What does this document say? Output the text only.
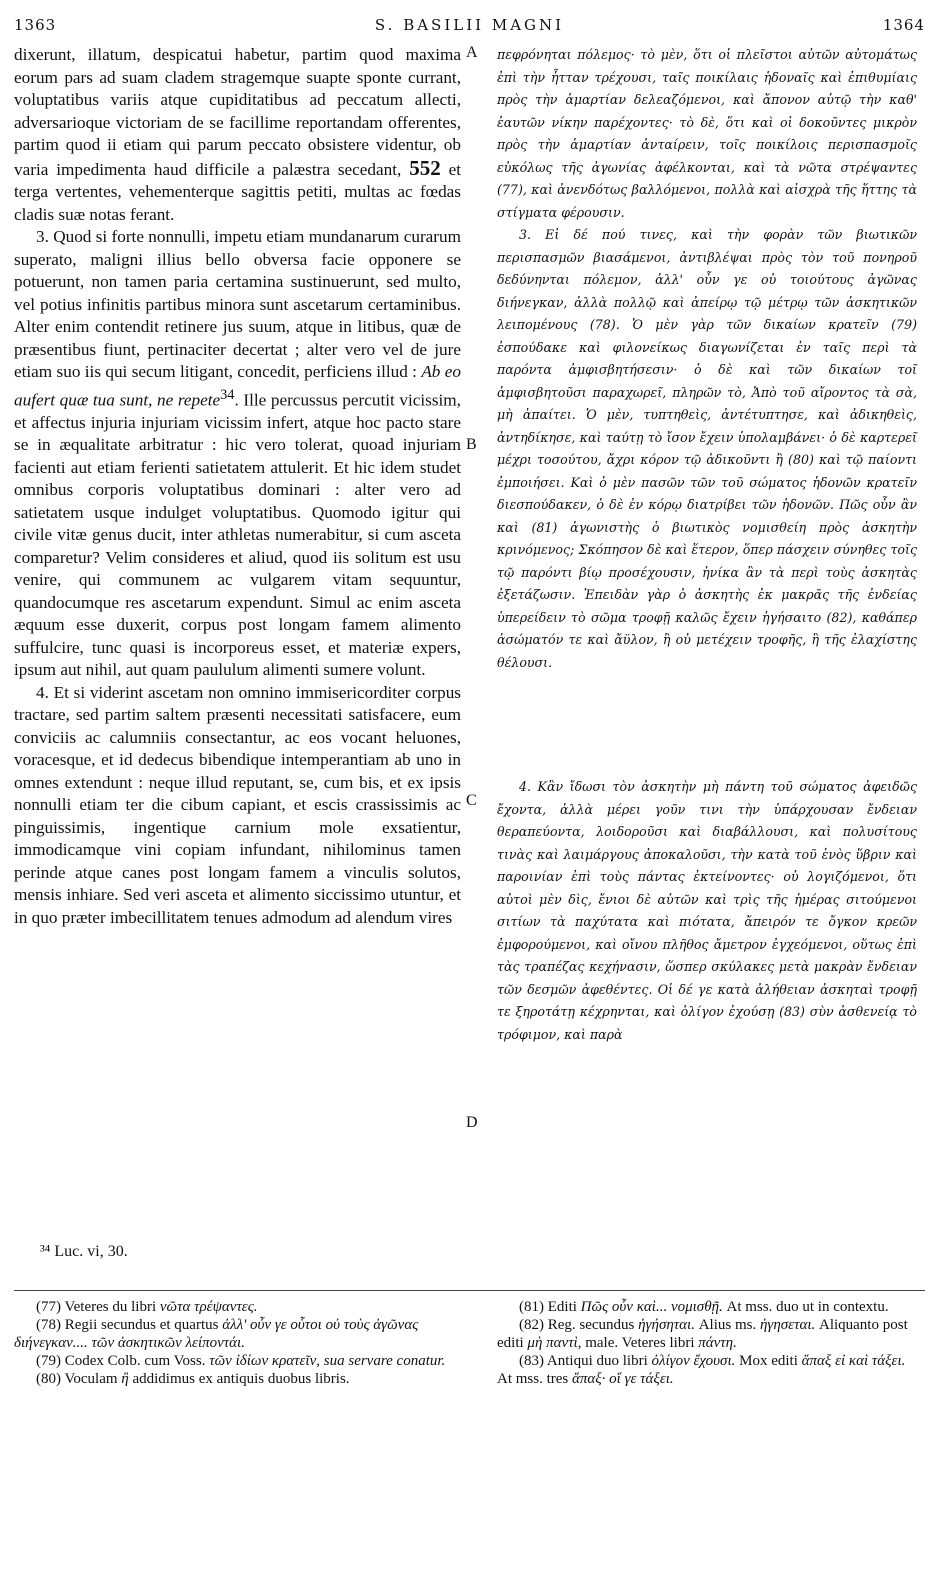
1363	S. BASILII MAGNI	1364

dixerunt, illatum, despicatui habetur, partim quod maxima eorum pars ad suam cladem stragemque suapte sponte currant, voluptatibus variis atque cupiditatibus ad peccatum allecti, adversarioque victoriam de se facillime reportandam offerentes, partim quod ii etiam qui parum peccato obsistere videntur, ob varia impedimenta haud difficile a palæstra secedant, 552 et terga vertentes, vehementerque sagittis petiti, multas ac fœdas cladis suæ notas ferant.

3. Quod si forte nonnulli, impetu etiam mundanarum curarum superato, maligni illius bello obversa facie opponere se potuerunt, non tamen paria certamina sustinuerunt, sed multo, vel potius infinitis partibus minora sunt ascetarum certaminibus. Alter enim contendit retinere jus suum, atque in litibus, quæ de præsentibus fiunt, pertinaciter decertat ; alter vero vel de jure etiam suo iis qui secum litigant, concedit, perficiens illud : Ab eo aufert quæ tua sunt, ne repete$^{34}$. Ille percussus percutit vicissim, et affectus injuria injuriam vicissim infert, atque hoc pacto stare se in æqualitate arbitratur : hic vero tolerat, quoad injuriam facienti aut etiam ferienti satietatem attulerit. Et hic idem studet omnibus corporis voluptatibus dominari : alter vero ad satietatem usque indulget voluptatibus. Quomodo igitur qui civile vitæ genus ducit, inter athletas numerabitur, si cum asceta comparetur? Velim consideres et aliud, quod iis solitum est usu venire, qui communem ac vulgarem vitam sequuntur, quandocumque res ascetarum expendunt. Simul ac enim asceta æquum esse duxerit, corpus post longam famem alimento suffulcire, tunc quasi is incorporeus esset, et materiæ expers, ipsum aut nihil, aut quam paululum alimenti sumere volunt.

4. Et si viderint ascetam non omnino immisericorditer corpus tractare, sed partim saltem præsenti necessitati satisfacere, eum conviciis ac calumniis consectantur, ac eos vocant heluones, voracesque, et id dedecus bibendique intemperantiam ab uno in omnes extendunt : neque illud reputant, se, cum bis, et ex ipsis nonnulli etiam ter die cibum capiant, et escis crassissimis ac pinguissimis, ingentique carnium mole exsatientur, immodicamque vini copiam infundant, nihilominus tamen perinde atque canes post longam famem a vinculis solutos, mensis inhiare. Sed veri asceta et alimento siccissimo utuntur, et in quo præter imbecillitatem tenues admodum ad alendum vires

A
B
C
D

πεφρόνηται πόλεμος· τὸ μὲν, ὅτι οἱ πλεῖστοι αὐτῶν αὐτομάτως ἐπὶ τὴν ἧτταν τρέχουσι, ταῖς ποικίλαις ἡδοναῖς καὶ ἐπιθυμίαις πρὸς τὴν ἁμαρτίαν δελεαζόμενοι, καὶ ἄπονον αὐτῷ τὴν καθ' ἑαυτῶν νίκην παρέχοντες· τὸ δὲ, ὅτι καὶ οἱ δοκοῦντες μικρὸν πρὸς τὴν ἁμαρτίαν ἀνταίρειν, τοῖς ποικίλοις περισπασμοῖς εὐκόλως τῆς ἀγωνίας ἀφέλκονται, καὶ τὰ νῶτα στρέψαντες (77), καὶ ἀνενδότως βαλλόμενοι, πολλὰ καὶ αἰσχρὰ τῆς ἥττης τὰ στίγματα φέρουσιν.

3. Εἰ δέ πού τινες, καὶ τὴν φορὰν τῶν βιωτικῶν περισπασμῶν βιασάμενοι, ἀντιβλέψαι πρὸς τὸν τοῦ πονηροῦ δεδύνηνται πόλεμον, ἀλλ' οὖν γε οὐ τοιούτους ἀγῶνας διήνεγκαν, ἀλλὰ πολλῷ καὶ ἀπείρῳ τῷ μέτρῳ τῶν ἀσκητικῶν λειπομένους (78). Ὁ μὲν γὰρ τῶν δικαίων κρατεῖν (79) ἐσπούδακε καὶ φιλονείκως διαγωνίζεται ἐν ταῖς περὶ τὰ παρόντα ἀμφισβητήσεσιν· ὁ δὲ καὶ τῶν δικαίων τοῖ ἀμφισβητοῦσι παραχωρεῖ, πληρῶν τὸ, Ἀπὸ τοῦ αἴροντος τὰ σὰ, μὴ ἀπαίτει. Ὁ μὲν, τυπτηθεὶς, ἀντέτυπτησε, καὶ ἀδικηθεὶς, ἀντηδίκησε, καὶ ταύτῃ τὸ ἴσον ἔχειν ὑπολαμβάνει· ὁ δὲ καρτερεῖ μέχρι τοσούτου, ἄχρι κόρον τῷ ἀδικοῦντι ἢ (80) καὶ τῷ παίοντι ἐμποιήσει. Καὶ ὁ μὲν πασῶν τῶν τοῦ σώματος ἡδονῶν κρατεῖν διεσπούδακεν, ὁ δὲ ἐν κόρῳ διατρίβει τῶν ἡδονῶν. Πῶς οὖν ἂν καὶ (81) ἀγωνιστὴς ὁ βιωτικὸς νομισθείη πρὸς ἀσκητὴν κρινόμενος; Σκόπησον δὲ καὶ ἕτερον, ὅπερ πάσχειν σύνηθες τοῖς τῷ παρόντι βίῳ προσέχουσιν, ἡνίκα ἂν τὰ περὶ τοὺς ἀσκητὰς ἐξετάζωσιν. Ἐπειδὰν γὰρ ὁ ἀσκητὴς ἐκ μακρᾶς τῆς ἐνδείας ὑπερείδειν τὸ σῶμα τροφῇ καλῶς ἔχειν ἡγήσαιτο (82), καθάπερ ἀσώματόν τε καὶ ἄϋλον, ἢ οὐ μετέχειν τροφῆς, ἢ τῆς ἐλαχίστης θέλουσι.

4. Κἂν ἴδωσι τὸν ἀσκητὴν μὴ πάντη τοῦ σώματος ἀφειδῶς ἔχοντα, ἀλλὰ μέρει γοῦν τινι τὴν ὑπάρχουσαν ἔνδειαν θεραπεύοντα, λοιδοροῦσι καὶ διαβάλλουσι, καὶ πολυσίτους τινὰς καὶ λαιμάργους ἀποκαλοῦσι, τὴν κατὰ τοῦ ἑνὸς ὕβριν καὶ παροινίαν ἐπὶ τοὺς πάντας ἐκτείνοντες· οὐ λογιζόμενοι, ὅτι αὐτοὶ μὲν δὶς, ἔνιοι δὲ αὐτῶν καὶ τρὶς τῆς ἡμέρας σιτούμενοι σιτίων τὰ παχύτατα καὶ πιότατα, ἄπειρόν τε ὄγκον κρεῶν ἐμφορούμενοι, καὶ οἴνου πλῆθος ἄμετρον ἐγχεόμενοι, οὕτως ἐπὶ τὰς τραπέζας κεχήνασιν, ὥσπερ σκύλακες μετὰ μακρὰν ἔνδειαν τῶν δεσμῶν ἀφεθέντες. Οἱ δέ γε κατὰ ἀλήθειαν ἀσκηταὶ τροφῇ τε ξηροτάτῃ κέχρηνται, καὶ ὀλίγον ἐχούσῃ (83) σὺν ἀσθενείᾳ τὸ τρόφιμον, καὶ παρὰ

³⁴ Luc. vi, 30.

(77) Veteres du libri νῶτα τρέψαντες.

(78) Regii secundus et quartus ἀλλ' οὖν γε οὗτοι οὐ τοὺς ἀγῶνας διήνεγκαν.... τῶν ἀσκητικῶν λείποντάι.

(79) Codex Colb. cum Voss. τῶν ἰδίων κρατεῖν, sua servare conatur.

(80) Voculam ἢ addidimus ex antiquis duobus libris.

(81) Editi Πῶς οὖν καὶ... νομισθῇ. At mss. duo ut in contextu.

(82) Reg. secundus ἡγήσηται. Alius ms. ἡγησεται. Aliquanto post editi μὴ παντὶ, male. Veteres libri πάντη.

(83) Antiqui duo libri ὀλίγον ἔχουσι. Mox editi ἅπαξ εἰ καὶ τάξει. At mss. tres ἅπαξ· οἵ γε τάξει.
